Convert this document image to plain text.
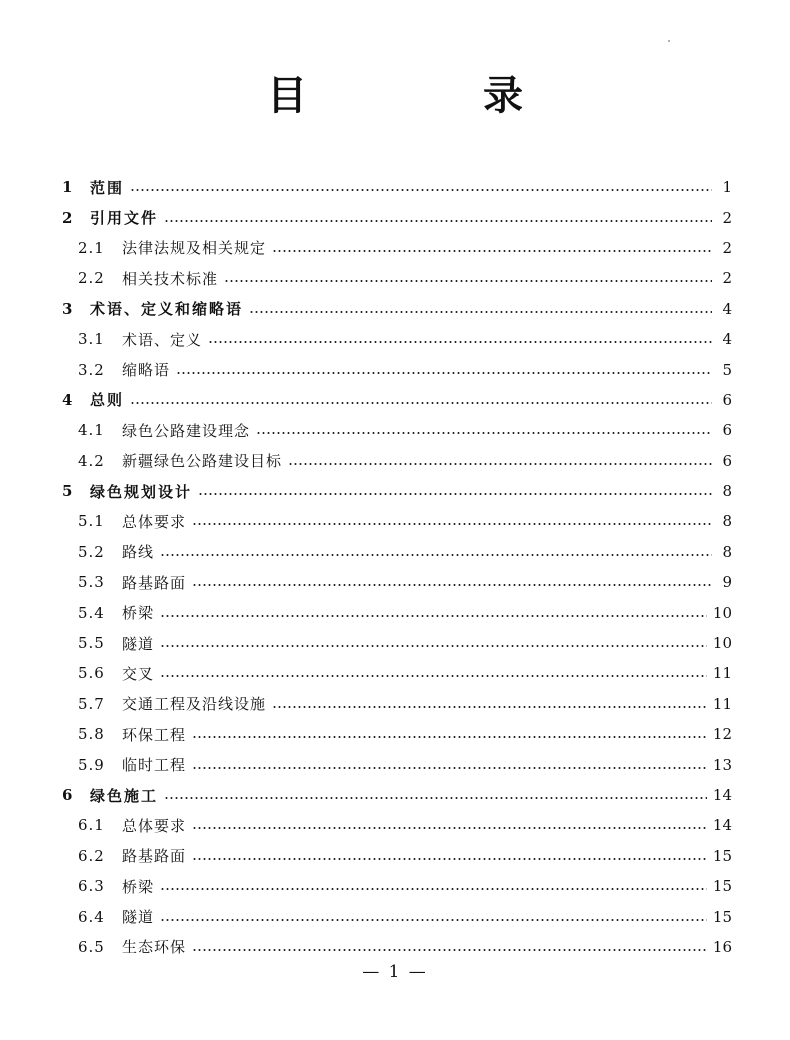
目　录
1	范围	1
2	引用文件	2
2.1	法律法规及相关规定	2
2.2	相关技术标准	2
3	术语、定义和缩略语	4
3.1	术语、定义	4
3.2	缩略语	5
4	总则	6
4.1	绿色公路建设理念	6
4.2	新疆绿色公路建设目标	6
5	绿色规划设计	8
5.1	总体要求	8
5.2	路线	8
5.3	路基路面	9
5.4	桥梁	10
5.5	隧道	10
5.6	交叉	11
5.7	交通工程及沿线设施	11
5.8	环保工程	12
5.9	临时工程	13
6	绿色施工	14
6.1	总体要求	14
6.2	路基路面	15
6.3	桥梁	15
6.4	隧道	15
6.5	生态环保	16
— 1 —
